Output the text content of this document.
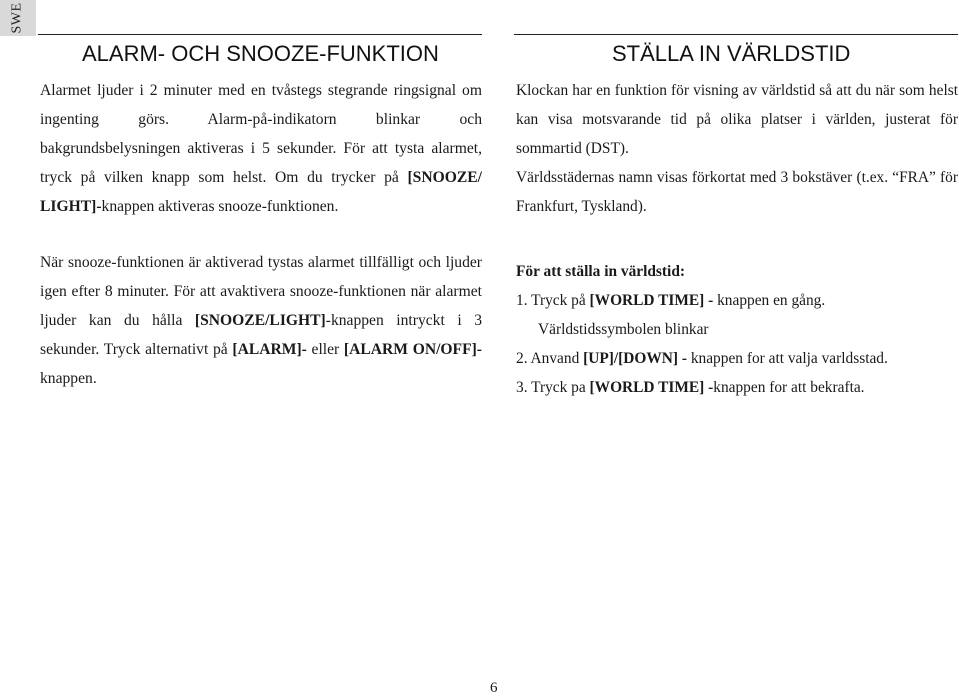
SWE
ALARM- OCH SNOOZE-FUNKTION

Alarmet ljuder i 2 minuter med en tvåstegs stegrande ringsignal om ingenting görs. Alarm-på-indikatorn blinkar och bakgrundsbelysningen aktiveras i 5 sekunder. För att tysta alarmet, tryck på vilken knapp som helst. Om du trycker på [SNOOZE/ LIGHT]-knappen aktiveras snooze-funktionen.

När snooze-funktionen är aktiverad tystas alarmet tillfälligt och ljuder igen efter 8 minuter. För att avaktivera snooze-funktionen när alarmet ljuder kan du hålla [SNOOZE/LIGHT]-knappen intryckt i 3 sekunder. Tryck alternativt på [ALARM]- eller [ALARM ON/OFF]-knappen.

STÄLLA IN VÄRLDSTID

Klockan har en funktion för visning av världstid så att du när som helst kan visa motsvarande tid på olika platser i världen, justerat för sommartid (DST).

Världsstädernas namn visas förkortat med 3 bokstäver (t.ex. “FRA” för Frankfurt, Tyskland).

För att ställa in världstid:

1. Tryck på [WORLD TIME] - knappen en gång.

Världstidssymbolen blinkar

2. Anvand [UP]/[DOWN] - knappen for att valja varldsstad.

3. Tryck pa [WORLD TIME] -knappen for att bekrafta.

6
